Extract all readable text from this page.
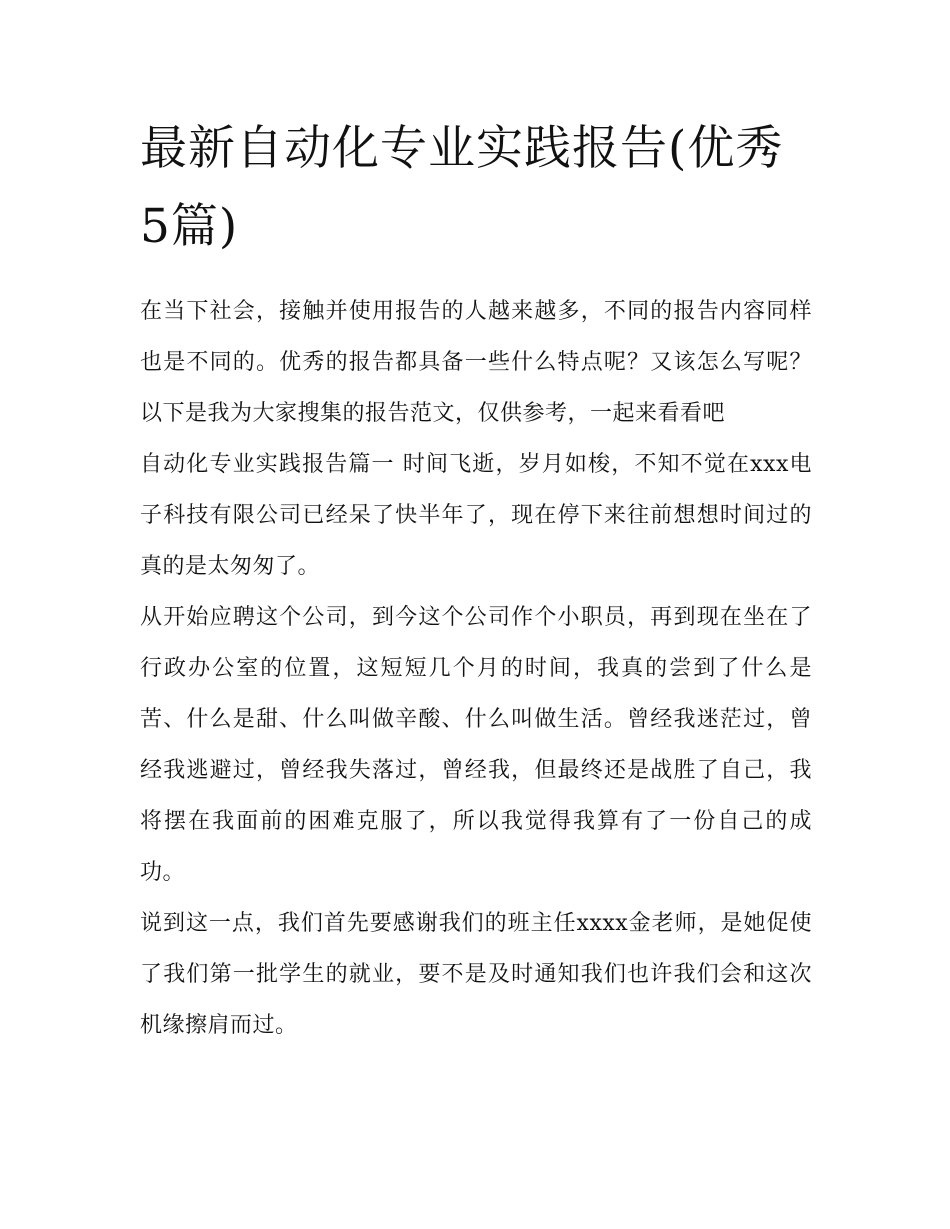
最新自动化专业实践报告(优秀5篇)

在当下社会，接触并使用报告的人越来越多，不同的报告内容同样也是不同的。优秀的报告都具备一些什么特点呢？又该怎么写呢？以下是我为大家搜集的报告范文，仅供参考，一起来看看吧

自动化专业实践报告篇一 时间飞逝，岁月如梭，不知不觉在xxx电子科技有限公司已经呆了快半年了，现在停下来往前想想时间过的真的是太匆匆了。

从开始应聘这个公司，到今这个公司作个小职员，再到现在坐在了行政办公室的位置，这短短几个月的时间，我真的尝到了什么是苦、什么是甜、什么叫做辛酸、什么叫做生活。曾经我迷茫过，曾经我逃避过，曾经我失落过，曾经我，但最终还是战胜了自己，我将摆在我面前的困难克服了，所以我觉得我算有了一份自己的成功。

说到这一点，我们首先要感谢我们的班主任xxxx金老师，是她促使了我们第一批学生的就业，要不是及时通知我们也许我们会和这次机缘擦肩而过。
